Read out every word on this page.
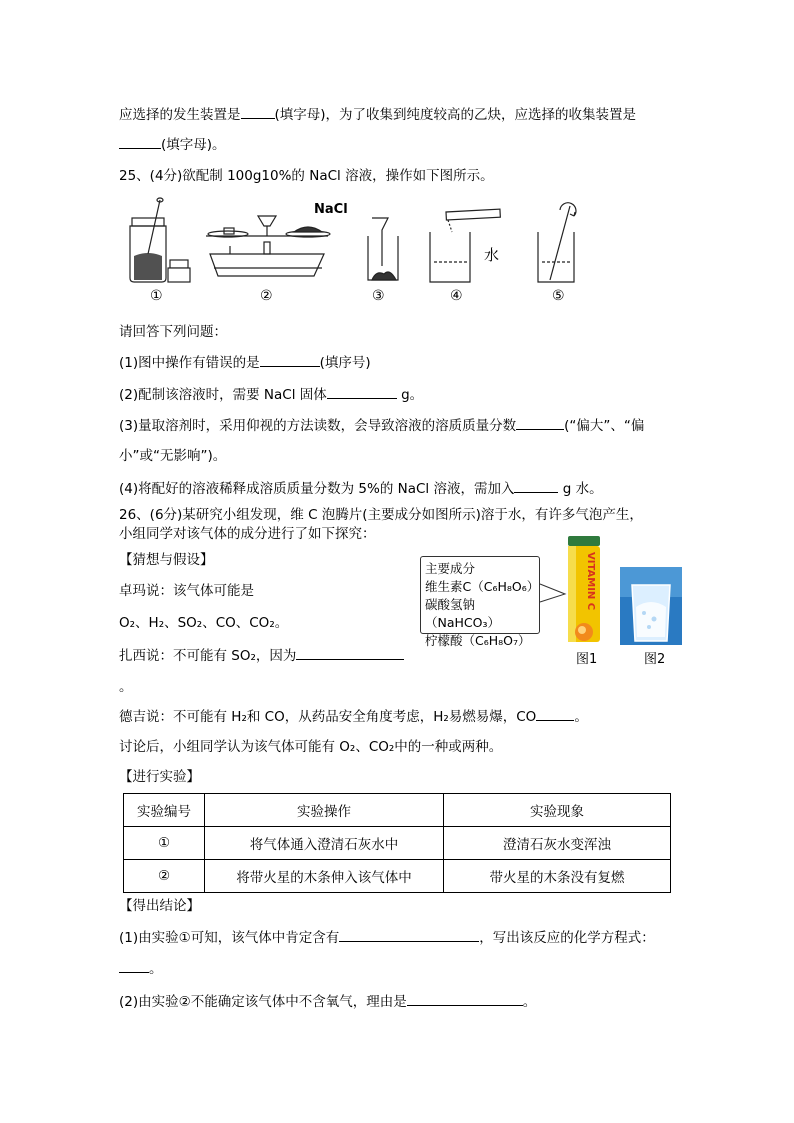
应选择的发生装置是	(填字母)，为了收集到纯度较高的乙炔，应选择的收集装置是
(填字母)。
25、(4分)欲配制 100g10%的 NaCl 溶液，操作如下图所示。
NaCl
水
①	②	③	④	⑤
请回答下列问题：
(1)图中操作有错误的是	(填序号)
(2)配制该溶液时，需要 NaCl 固体	g。
(3)量取溶剂时，采用仰视的方法读数，会导致溶液的溶质质量分数	(“偏大”、“偏
小”或“无影响”)。
(4)将配好的溶液稀释成溶质质量分数为 5%的 NaCl 溶液，需加入	g 水。
26、(6分)某研究小组发现，维 C 泡腾片(主要成分如图所示)溶于水，有许多气泡产生，
小组同学对该气体的成分进行了如下探究：
【猜想与假设】
卓玛说：该气体可能是
O₂、H₂、SO₂、CO、CO₂。
扎西说：不可能有 SO₂，因为
。
德吉说：不可能有 H₂和 CO，从药品安全角度考虑，H₂易燃易爆，CO	。
讨论后，小组同学认为该气体可能有 O₂、CO₂中的一种或两种。
【进行实验】
实验编号	实验操作	实验现象
①	将气体通入澄清石灰水中	澄清石灰水变浑浊
②	将带火星的木条伸入该气体中	带火星的木条没有复燃
【得出结论】
(1)由实验①可知，该气体中肯定含有	，写出该反应的化学方程式：
。
(2)由实验②不能确定该气体中不含氧气，理由是	。
主要成分
维生素C（C₆H₈O₆）
碳酸氢钠（NaHCO₃）
柠檬酸（C₆H₈O₇）
VITAMIN C
图1	图2
